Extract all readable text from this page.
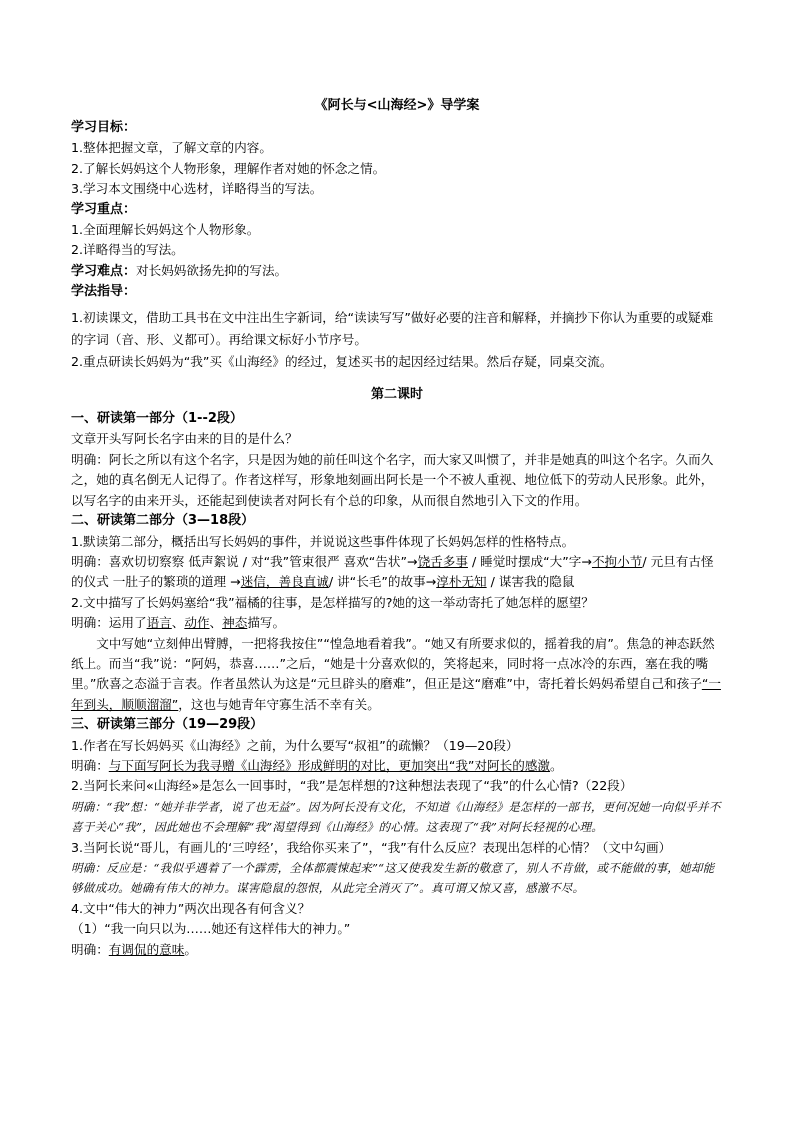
《阿长与<山海经>》导学案

学习目标：

1.整体把握文章，了解文章的内容。

2.了解长妈妈这个人物形象，理解作者对她的怀念之情。

3.学习本文围绕中心选材，详略得当的写法。

学习重点：

1.全面理解长妈妈这个人物形象。

2.详略得当的写法。

学习难点：对长妈妈欲扬先抑的写法。

学法指导：

1.初读课文，借助工具书在文中注出生字新词，给“读读写写”做好必要的注音和解释，并摘抄下你认为重要的或疑难的字词（音、形、义都可）。再给课文标好小节序号。

2.重点研读长妈妈为“我”买《山海经》的经过，复述买书的起因经过结果。然后存疑，同桌交流。

第二课时

一、研读第一部分（1--2段）

文章开头写阿长名字由来的目的是什么？

明确：阿长之所以有这个名字，只是因为她的前任叫这个名字，而大家又叫惯了，并非是她真的叫这个名字。久而久之，她的真名倒无人记得了。作者这样写，形象地刻画出阿长是一个不被人重视、地位低下的劳动人民形象。此外，以写名字的由来开头，还能起到使读者对阿长有个总的印象，从而很自然地引入下文的作用。

二、研读第二部分（3—18段）

1.默读第二部分，概括出写长妈妈的事件，并说说这些事件体现了长妈妈怎样的性格特点。

明确：喜欢切切察察 低声絮说 / 对“我”管束很严 喜欢“告状”→饶舌多事 / 睡觉时摆成“大”字→不拘小节/ 元旦有古怪的仪式 一肚子的繁琐的道理 →迷信，善良直诚/ 讲“长毛”的故事→淳朴无知 / 谋害我的隐鼠

2.文中描写了长妈妈塞给“我”福橘的往事，是怎样描写的?她的这一举动寄托了她怎样的愿望？

明确：运用了语言、动作、神态描写。

文中写她“立刻伸出臂膊，一把将我按住”“惶急地看着我”。“她又有所要求似的，摇着我的肩”。焦急的神态跃然纸上。而当“我”说：“阿妈，恭喜……”之后，“她是十分喜欢似的，笑将起来，同时将一点冰冷的东西，塞在我的嘴里。”欣喜之态溢于言表。作者虽然认为这是“元旦辟头的磨难”，但正是这“磨难”中，寄托着长妈妈希望自己和孩子“一年到头，顺顺溜溜”，这也与她青年守寡生活不幸有关。

三、研读第三部分（19—29段）

1.作者在写长妈妈买《山海经》之前，为什么要写“叔祖”的疏懒？（19—20段）

明确：与下面写阿长为我寻赠《山海经》形成鲜明的对比，更加突出“我”对阿长的感激。

2.当阿长来问«山海经»是怎么一回事时，“我”是怎样想的?这种想法表现了“我”的什么心情?（22段）

明确：“我”想：“她并非学者，说了也无益”。因为阿长没有文化，不知道《山海经》是怎样的一部书，更何况她一向似乎并不喜于关心“我”，因此她也不会理解“我”渴望得到《山海经》的心情。这表现了“我”对阿长轻视的心理。

3.当阿长说“哥儿，有画儿的‘三哼经’，我给你买来了”，“我”有什么反应？表现出怎样的心情？（文中勾画）

明确：反应是：“我似乎遇着了一个霹雳，全体都震悚起来”“这又使我发生新的敬意了，别人不肯做，或不能做的事，她却能够做成功。她确有伟大的神力。谋害隐鼠的怨恨，从此完全消灭了”。真可谓又惊又喜，感激不尽。

4.文中“伟大的神力”两次出现各有何含义？

（1）“我一向只以为……她还有这样伟大的神力。”

明确：有调侃的意味。
